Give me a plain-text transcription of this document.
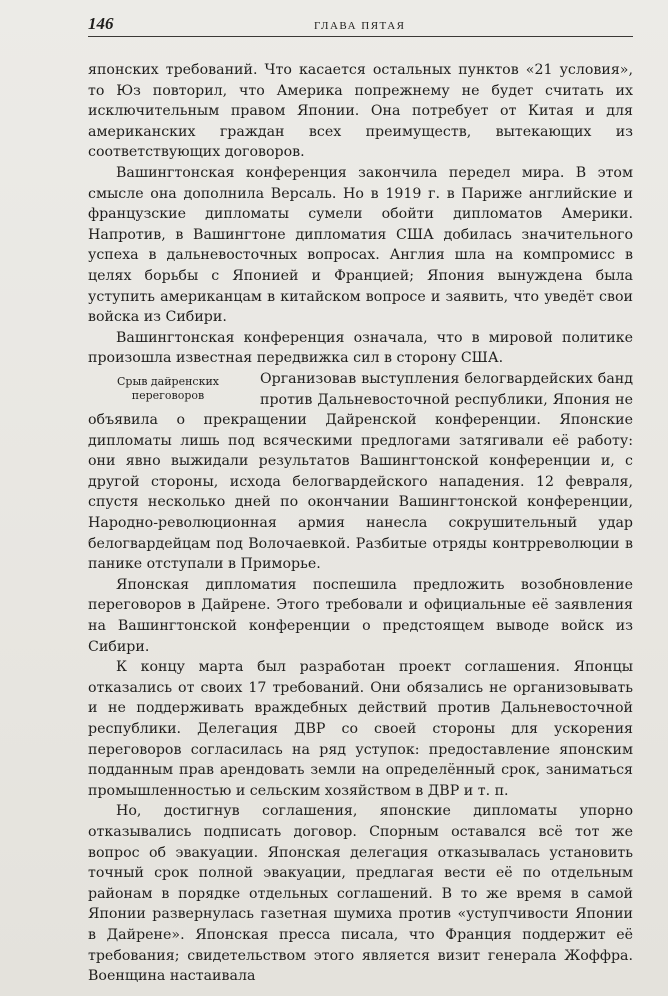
146	ГЛАВА ПЯТАЯ

японских требований. Что касается остальных пунктов «21 условия», то Юз повторил, что Америка попрежнему не будет считать их исключительным правом Японии. Она потребует от Китая и для американских граждан всех преимуществ, вытекающих из соответствующих договоров.

Вашингтонская конференция закончила передел мира. В этом смысле она дополнила Версаль. Но в 1919 г. в Париже английские и французские дипломаты сумели обойти дипломатов Америки. Напротив, в Вашингтоне дипломатия США добилась значительного успеха в дальневосточных вопросах. Англия шла на компромисс в целях борьбы с Японией и Францией; Япония вынуждена была уступить американцам в китайском вопросе и заявить, что уведёт свои войска из Сибири.

Вашингтонская конференция означала, что в мировой политике произошла известная передвижка сил в сторону США.

Срыв дайренских переговоров

Организовав выступления белогвардейских банд против Дальневосточной республики, Япония не объявила о прекращении Дайренской конференции. Японские дипломаты лишь под всяческими предлогами затягивали её работу: они явно выжидали результатов Вашингтонской конференции и, с другой стороны, исхода белогвардейского нападения. 12 февраля, спустя несколько дней по окончании Вашингтонской конференции, Народно-революционная армия нанесла сокрушительный удар белогвардейцам под Волочаевкой. Разбитые отряды контрреволюции в панике отступали в Приморье.

Японская дипломатия поспешила предложить возобновление переговоров в Дайрене. Этого требовали и официальные её заявления на Вашингтонской конференции о предстоящем выводе войск из Сибири.

К концу марта был разработан проект соглашения. Японцы отказались от своих 17 требований. Они обязались не организовывать и не поддерживать враждебных действий против Дальневосточной республики. Делегация ДВР со своей стороны для ускорения переговоров согласилась на ряд уступок: предоставление японским подданным прав арендовать земли на определённый срок, заниматься промышленностью и сельским хозяйством в ДВР и т. п.

Но, достигнув соглашения, японские дипломаты упорно отказывались подписать договор. Спорным оставался всё тот же вопрос об эвакуации. Японская делегация отказывалась установить точный срок полной эвакуации, предлагая вести её по отдельным районам в порядке отдельных соглашений. В то же время в самой Японии развернулась газетная шумиха против «уступчивости Японии в Дайрене». Японская пресса писала, что Франция поддержит её требования; свидетельством этого является визит генерала Жоффра. Военщина настаивала
